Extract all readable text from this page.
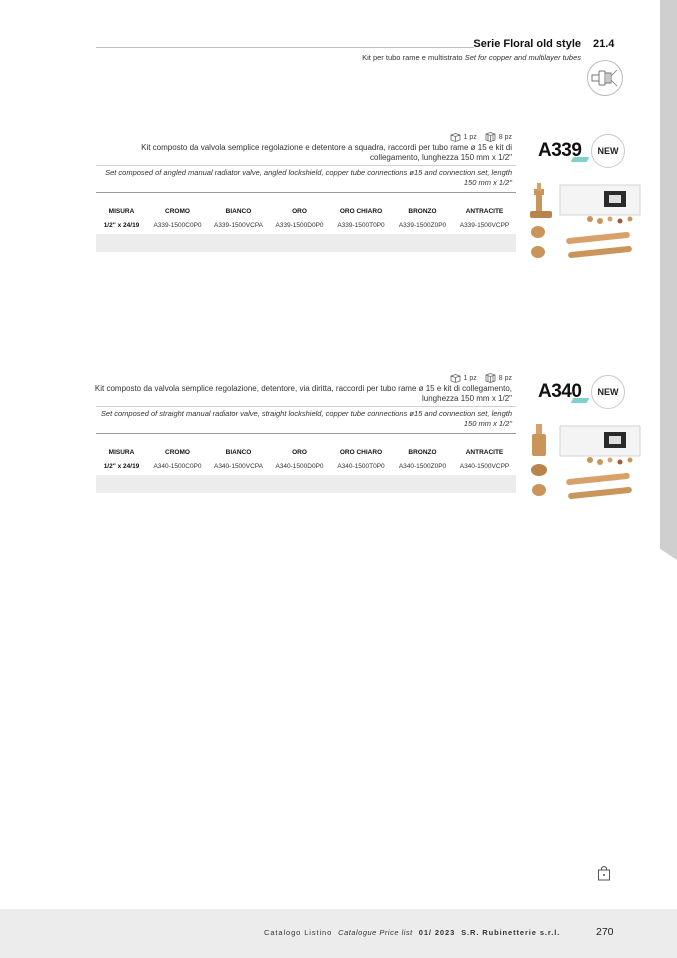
Serie Floral old style 21.4
Kit per tubo rame e multistrato Set for copper and multilayer tubes
1 pz	8 pz
Kit composto da valvola semplice regolazione e detentore a squadra, raccordi per tubo rame ø 15 e kit di collegamento, lunghezza 150 mm x 1/2"
Set composed of angled manual radiator valve, angled lockshield, copper tube connections ø15 and connection set, length 150 mm x 1/2"
MISURA	CROMO	BIANCO	ORO	ORO CHIARO	BRONZO	ANTRACITE
1/2" x 24/19	A339-1500C0P0	A339-1500VCPA	A339-1500D0P0	A339-1500T0P0	A339-1500Z0P0	A339-1500VCPP
A339	NEW
1 pz	8 pz
Kit composto da valvola semplice regolazione, detentore, via diritta, raccordi per tubo rame ø 15 e kit di collegamento, lunghezza 150 mm x 1/2"
Set composed of straight manual radiator valve, straight lockshield, copper tube connections ø15 and connection set, length 150 mm x 1/2"
MISURA	CROMO	BIANCO	ORO	ORO CHIARO	BRONZO	ANTRACITE
1/2" x 24/19	A340-1500C0P0	A340-1500VCPA	A340-1500D0P0	A340-1500T0P0	A340-1500Z0P0	A340-1500VCPP
A340	NEW
Catalogo Listino Catalogue Price list 01/ 2023 S.R. Rubinetterie s.r.l.	270
